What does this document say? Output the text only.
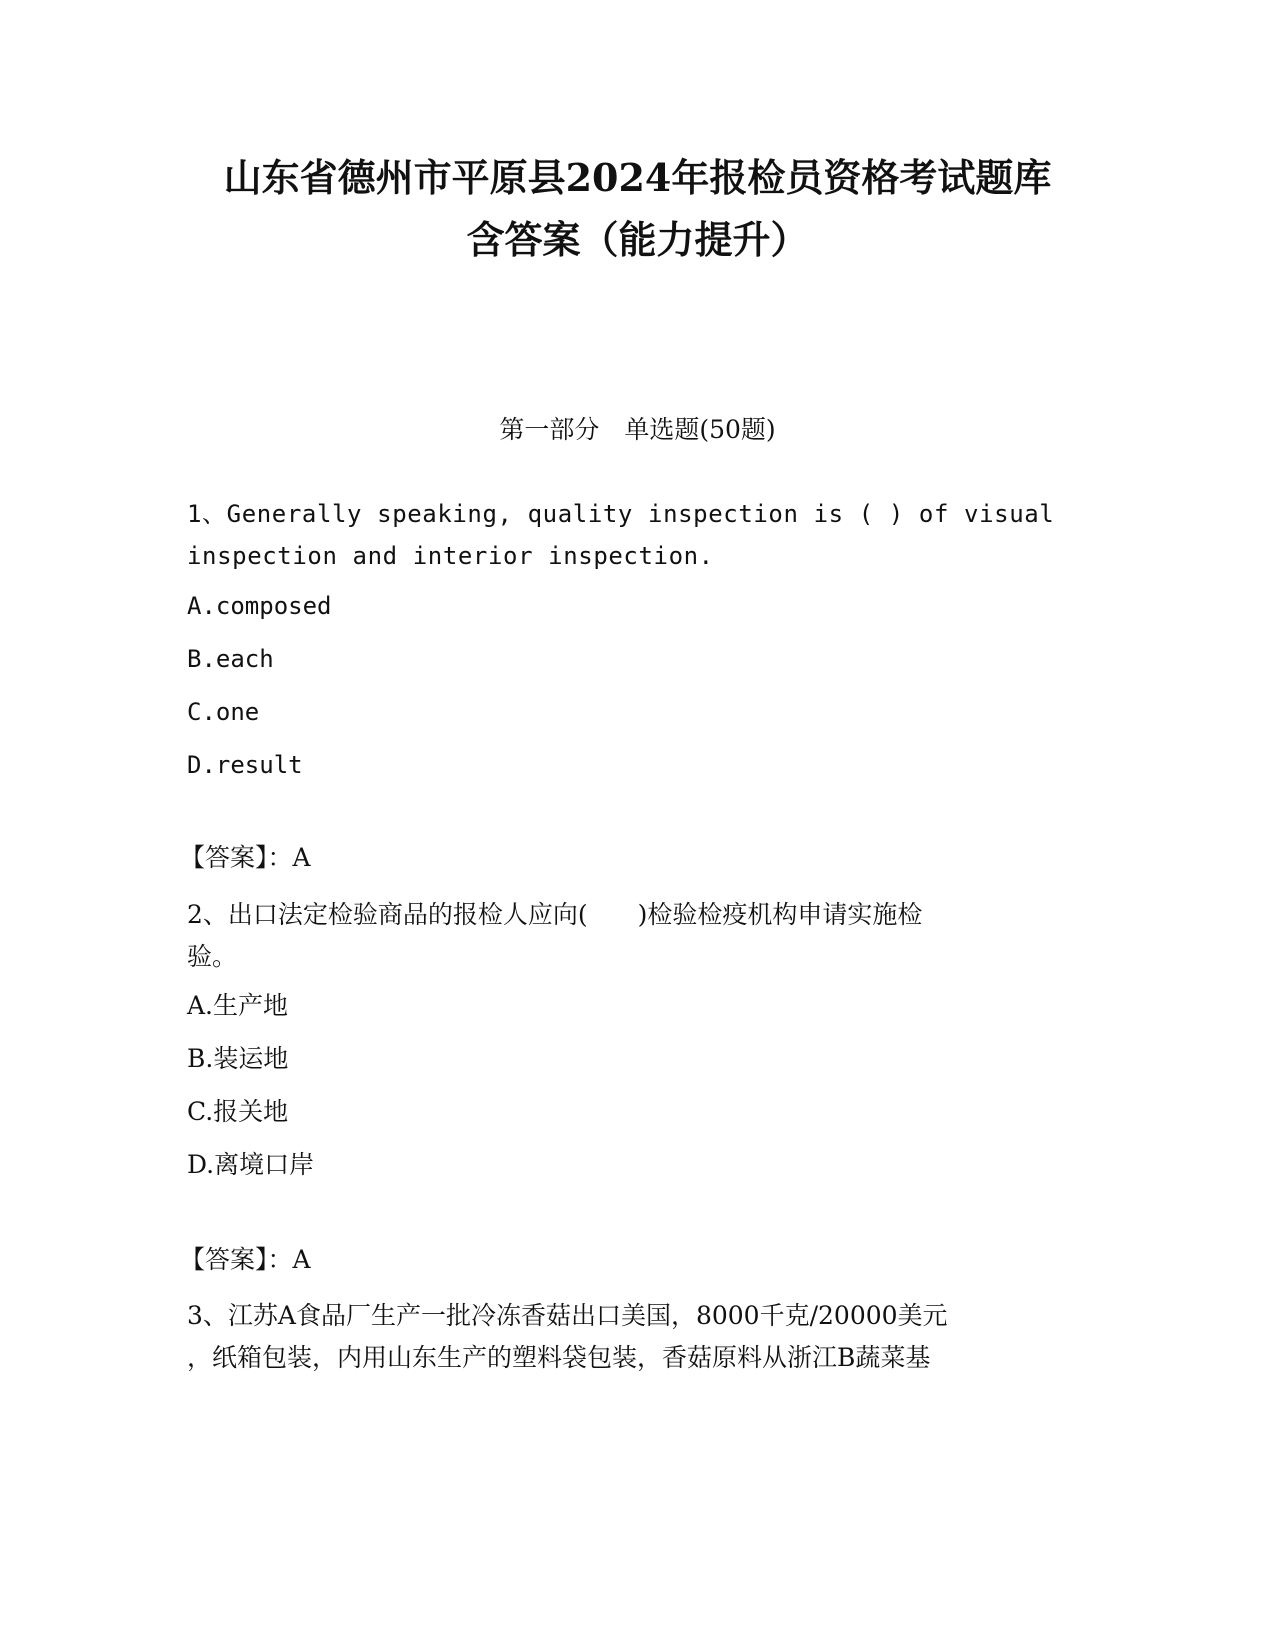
山东省德州市平原县2024年报检员资格考试题库
含答案（能力提升）
第一部分　单选题(50题)
1、Generally speaking, quality inspection is ( ) of visual
inspection and interior inspection.
A.composed
B.each
C.one
D.result
【答案】：A
2、出口法定检验商品的报检人应向(　　)检验检疫机构申请实施检
验。
A.生产地
B.装运地
C.报关地
D.离境口岸
【答案】：A
3、江苏A食品厂生产一批冷冻香菇出口美国，8000千克/20000美元
，纸箱包装，内用山东生产的塑料袋包装，香菇原料从浙江B蔬菜基
